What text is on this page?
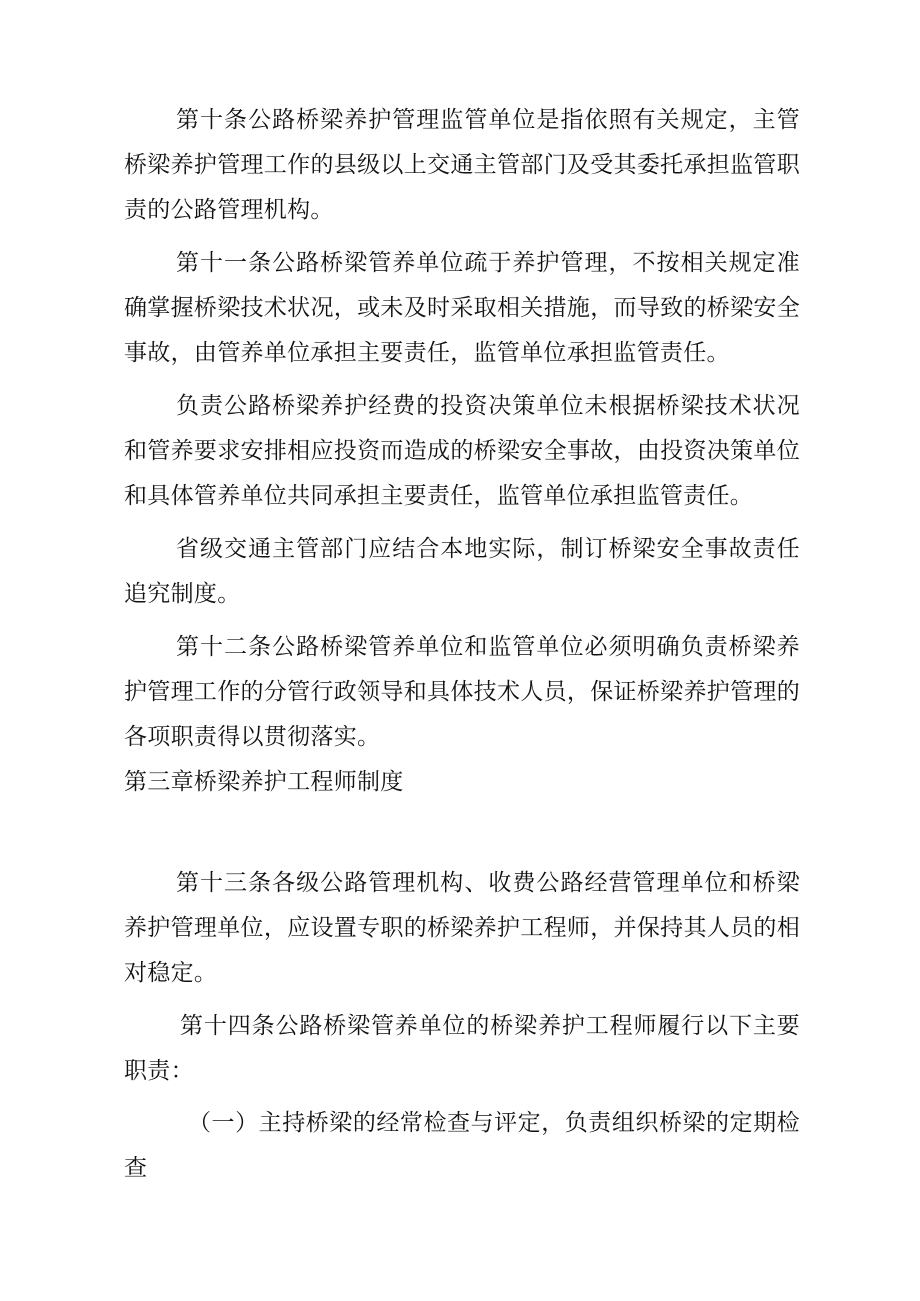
第十条公路桥梁养护管理监管单位是指依照有关规定，主管桥梁养护管理工作的县级以上交通主管部门及受其委托承担监管职责的公路管理机构。

第十一条公路桥梁管养单位疏于养护管理，不按相关规定准确掌握桥梁技术状况，或未及时采取相关措施，而导致的桥梁安全事故，由管养单位承担主要责任，监管单位承担监管责任。

负责公路桥梁养护经费的投资决策单位未根据桥梁技术状况和管养要求安排相应投资而造成的桥梁安全事故，由投资决策单位和具体管养单位共同承担主要责任，监管单位承担监管责任。

省级交通主管部门应结合本地实际，制订桥梁安全事故责任追究制度。

第十二条公路桥梁管养单位和监管单位必须明确负责桥梁养护管理工作的分管行政领导和具体技术人员，保证桥梁养护管理的各项职责得以贯彻落实。

第三章桥梁养护工程师制度

第十三条各级公路管理机构、收费公路经营管理单位和桥梁养护管理单位，应设置专职的桥梁养护工程师，并保持其人员的相对稳定。

第十四条公路桥梁管养单位的桥梁养护工程师履行以下主要职责：

（一）主持桥梁的经常检查与评定，负责组织桥梁的定期检查
